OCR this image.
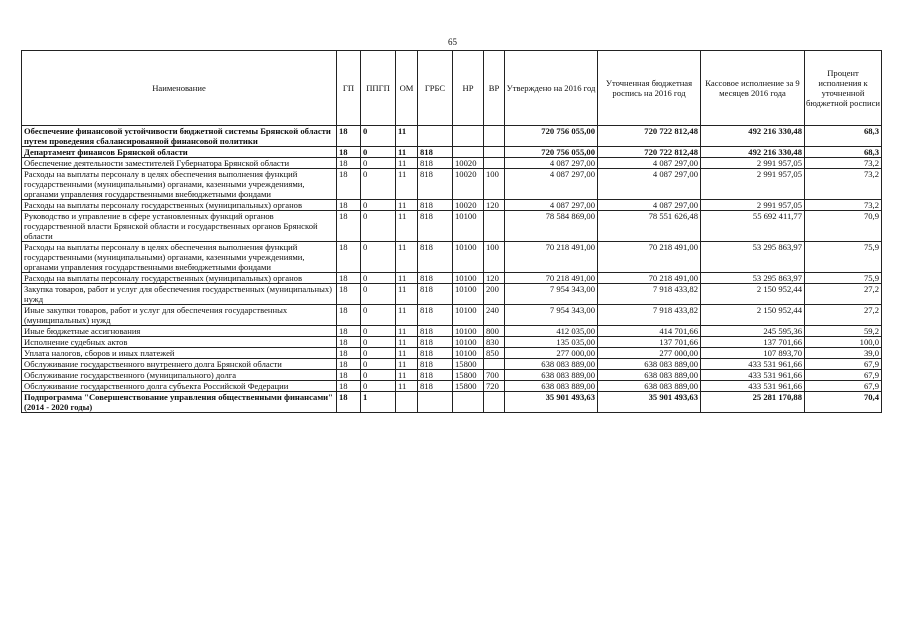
65
Наименование	ГП	ППГП	ОМ	ГРБС	НР	ВР	Утверждено на 2016 год	Уточненная бюджетная роспись на 2016 год	Кассовое исполнение за 9 месяцев 2016 года	Процент исполнения к уточненной бюджетной росписи
Обеспечение финансовой устойчивости бюджетной системы Брянской области путем проведения сбалансированной финансовой политики	18	0	11				720 756 055,00	720 722 812,48	492 216 330,48	68,3
Департамент финансов Брянской области	18	0	11	818			720 756 055,00	720 722 812,48	492 216 330,48	68,3
Обеспечение деятельности заместителей Губернатора Брянской области	18	0	11	818	10020		4 087 297,00	4 087 297,00	2 991 957,05	73,2
Расходы на выплаты персоналу в целях обеспечения выполнения функций государственными (муниципальными) органами, казенными учреждениями, органами управления государственными внебюджетными фондами	18	0	11	818	10020	100	4 087 297,00	4 087 297,00	2 991 957,05	73,2
Расходы на выплаты персоналу государственных (муниципальных) органов	18	0	11	818	10020	120	4 087 297,00	4 087 297,00	2 991 957,05	73,2
Руководство и управление в сфере установленных функций органов государственной власти Брянской области и государственных органов Брянской области	18	0	11	818	10100		78 584 869,00	78 551 626,48	55 692 411,77	70,9
Расходы на выплаты персоналу в целях обеспечения выполнения функций государственными (муниципальными) органами, казенными учреждениями, органами управления государственными внебюджетными фондами	18	0	11	818	10100	100	70 218 491,00	70 218 491,00	53 295 863,97	75,9
Расходы на выплаты персоналу государственных (муниципальных) органов	18	0	11	818	10100	120	70 218 491,00	70 218 491,00	53 295 863,97	75,9
Закупка товаров, работ и услуг для обеспечения государственных (муниципальных) нужд	18	0	11	818	10100	200	7 954 343,00	7 918 433,82	2 150 952,44	27,2
Иные закупки товаров, работ и услуг для обеспечения государственных (муниципальных) нужд	18	0	11	818	10100	240	7 954 343,00	7 918 433,82	2 150 952,44	27,2
Иные бюджетные ассигнования	18	0	11	818	10100	800	412 035,00	414 701,66	245 595,36	59,2
Исполнение судебных актов	18	0	11	818	10100	830	135 035,00	137 701,66	137 701,66	100,0
Уплата налогов, сборов и иных платежей	18	0	11	818	10100	850	277 000,00	277 000,00	107 893,70	39,0
Обслуживание государственного внутреннего долга Брянской области	18	0	11	818	15800		638 083 889,00	638 083 889,00	433 531 961,66	67,9
Обслуживание государственного (муниципального) долга	18	0	11	818	15800	700	638 083 889,00	638 083 889,00	433 531 961,66	67,9
Обслуживание государственного долга субъекта Российской Федерации	18	0	11	818	15800	720	638 083 889,00	638 083 889,00	433 531 961,66	67,9
Подпрограмма "Совершенствование управления общественными финансами" (2014 - 2020 годы)	18	1					35 901 493,63	35 901 493,63	25 281 170,88	70,4
